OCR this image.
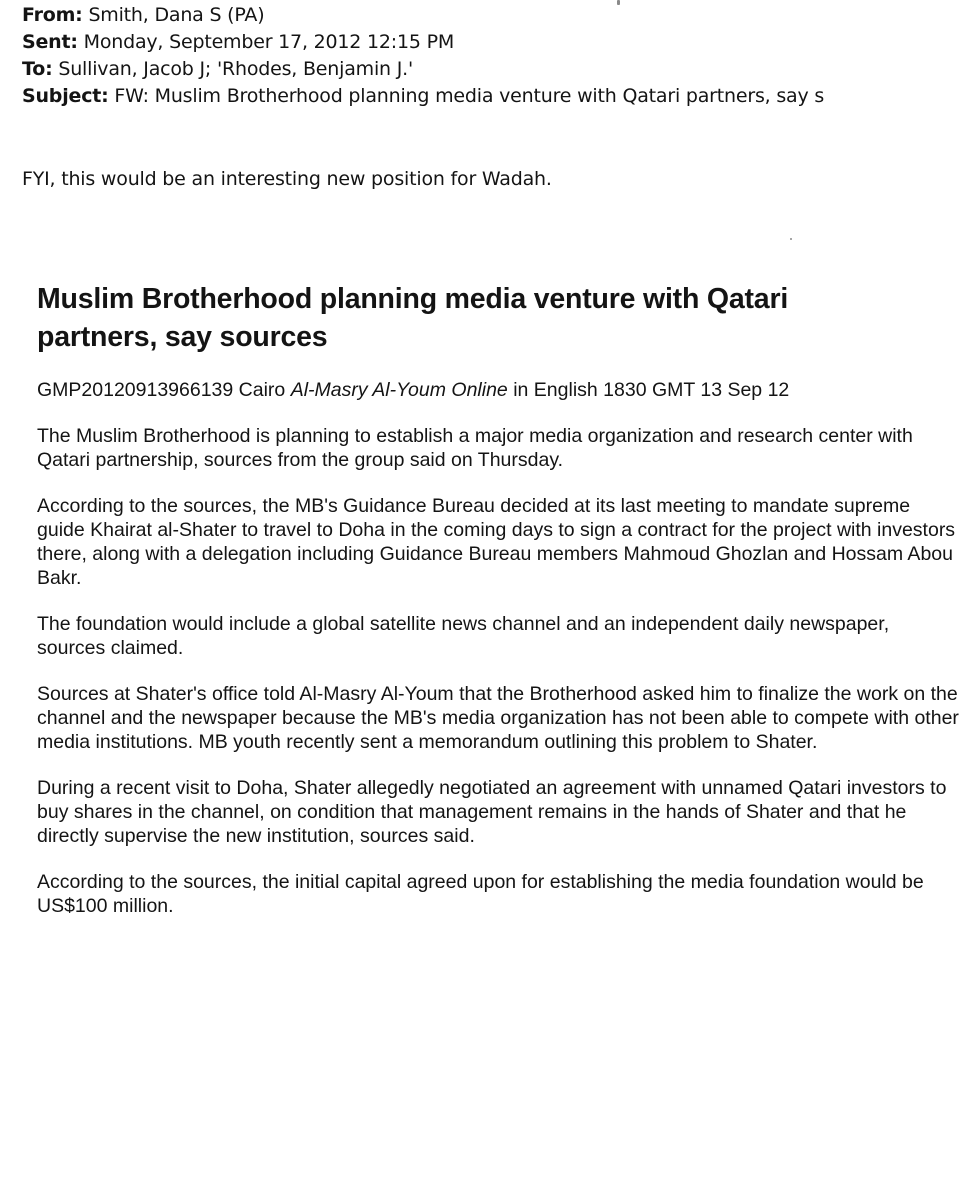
From: Smith, Dana S (PA)
Sent: Monday, September 17, 2012 12:15 PM
To: Sullivan, Jacob J; 'Rhodes, Benjamin J.'
Subject: FW: Muslim Brotherhood planning media venture with Qatari partners, say s
FYI, this would be an interesting new position for Wadah.
Muslim Brotherhood planning media venture with Qatari
partners, say sources

GMP20120913966139 Cairo Al-Masry Al-Youm Online in English 1830 GMT 13 Sep 12

The Muslim Brotherhood is planning to establish a major media organization and research center with Qatari partnership, sources from the group said on Thursday.

According to the sources, the MB's Guidance Bureau decided at its last meeting to mandate supreme guide Khairat al-Shater to travel to Doha in the coming days to sign a contract for the project with investors there, along with a delegation including Guidance Bureau members Mahmoud Ghozlan and Hossam Abou Bakr.

The foundation would include a global satellite news channel and an independent daily newspaper, sources claimed.

Sources at Shater's office told Al-Masry Al-Youm that the Brotherhood asked him to finalize the work on the channel and the newspaper because the MB's media organization has not been able to compete with other media institutions. MB youth recently sent a memorandum outlining this problem to Shater.

During a recent visit to Doha, Shater allegedly negotiated an agreement with unnamed Qatari investors to buy shares in the channel, on condition that management remains in the hands of Shater and that he directly supervise the new institution, sources said.

According to the sources, the initial capital agreed upon for establishing the media foundation would be US$100 million.
